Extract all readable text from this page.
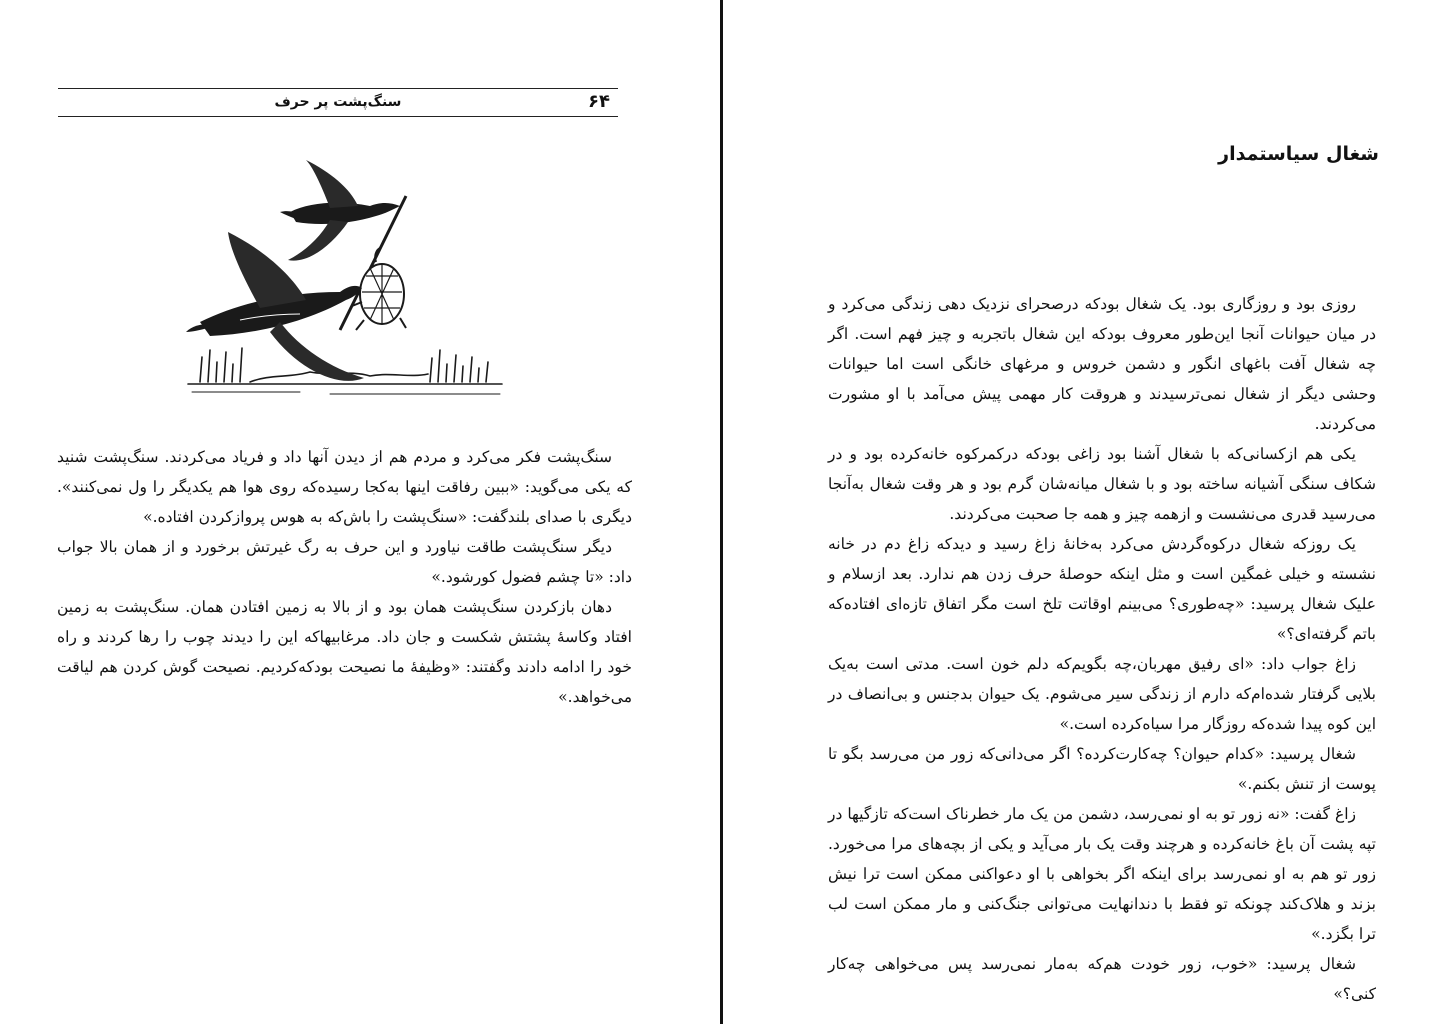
سنگ‌پشت پر حرف	۶۴

سنگ‌پشت فکر می‌کرد و مردم هم از دیدن آنها داد و فریاد می‌کردند. سنگ‌پشت شنید که یکی می‌گوید: «ببین رفاقت اینها به‌کجا رسیده‌که روی هوا هم یکدیگر را ول نمی‌کنند». دیگری با صدای بلندگفت: «سنگ‌پشت را باش‌که به هوس پروازکردن افتاده.»

دیگر سنگ‌پشت طاقت نیاورد و این حرف به رگ غیرتش برخورد و از همان بالا جواب داد: «تا چشم فضول کورشود.»

دهان بازکردن سنگ‌پشت همان بود و از بالا به زمین افتادن همان. سنگ‌پشت به زمین افتاد وکاسهٔ پشتش شکست و جان داد. مرغابیها‌که این را دیدند چوب را رها کردند و راه خود را ادامه دادند وگفتند: «وظیفهٔ ما نصیحت بود‌که‌کردیم. نصیحت گوش کردن هم لیاقت می‌خواهد.»

شغال سیاستمدار

روزی بود و روزگاری بود. یک شغال بود‌که درصحرای نزدیک دهی زندگی می‌کرد و در میان حیوانات آنجا این‌طور معروف بود‌که این شغال باتجربه و چیز فهم است. اگر چه شغال آفت باغهای انگور و دشمن خروس و مرغهای خانگی است اما حیوانات وحشی دیگر از شغال نمی‌ترسیدند و هروقت کار مهمی پیش می‌آمد با او مشورت می‌کردند.

یکی هم ازکسانی‌که با شغال آشنا بود زاغی بود‌که درکمرکوه خانه‌کرده بود و در شکاف سنگی آشیانه ساخته بود و با شغال میانه‌شان گرم بود و هر وقت شغال به‌آنجا می‌رسید قدری می‌نشست و ازهمه چیز و همه جا صحبت می‌کردند.

یک روز‌که شغال درکوه‌گردش می‌کرد به‌خانهٔ زاغ رسید و دید‌که زاغ دم در خانه نشسته و خیلی غمگین است و مثل اینکه حوصلهٔ حرف زدن هم ندارد. بعد ازسلام و علیک شغال پرسید: «چه‌طوری؟ می‌بینم اوقاتت تلخ است مگر اتفاق تازه‌ای افتاده‌که باتم گرفته‌ای؟»

زاغ جواب داد: «ای رفیق مهربان،چه بگویم‌که دلم خون است. مدتی است به‌یک بلایی گرفتار شده‌ام‌که دارم از زندگی سیر می‌شوم. یک حیوان بدجنس و بی‌انصاف در این کوه پیدا شده‌که روزگار مرا سیاه‌کرده است.»

شغال پرسید: «کدام حیوان؟ چه‌کارت‌کرده؟ اگر می‌دانی‌که زور من می‌رسد بگو تا پوست از تنش بکنم.»

زاغ گفت: «نه زور تو به او نمی‌رسد، دشمن من یک مار خطرناک است‌که تازگیها در تپه پشت آن باغ خانه‌کرده و هرچند وقت یک بار می‌آید و یکی از بچه‌های مرا می‌خورد. زور تو هم به او نمی‌رسد برای اینکه اگر بخواهی با او دعوا‌کنی ممکن است ترا نیش بزند و هلاک‌کند چونکه تو فقط با دندانهایت می‌توانی جنگ‌کنی و مار ممکن است لب ترا بگزد.»

شغال پرسید: «خوب، زور خودت هم‌که به‌مار نمی‌رسد پس می‌خواهی چه‌کار کنی؟»
